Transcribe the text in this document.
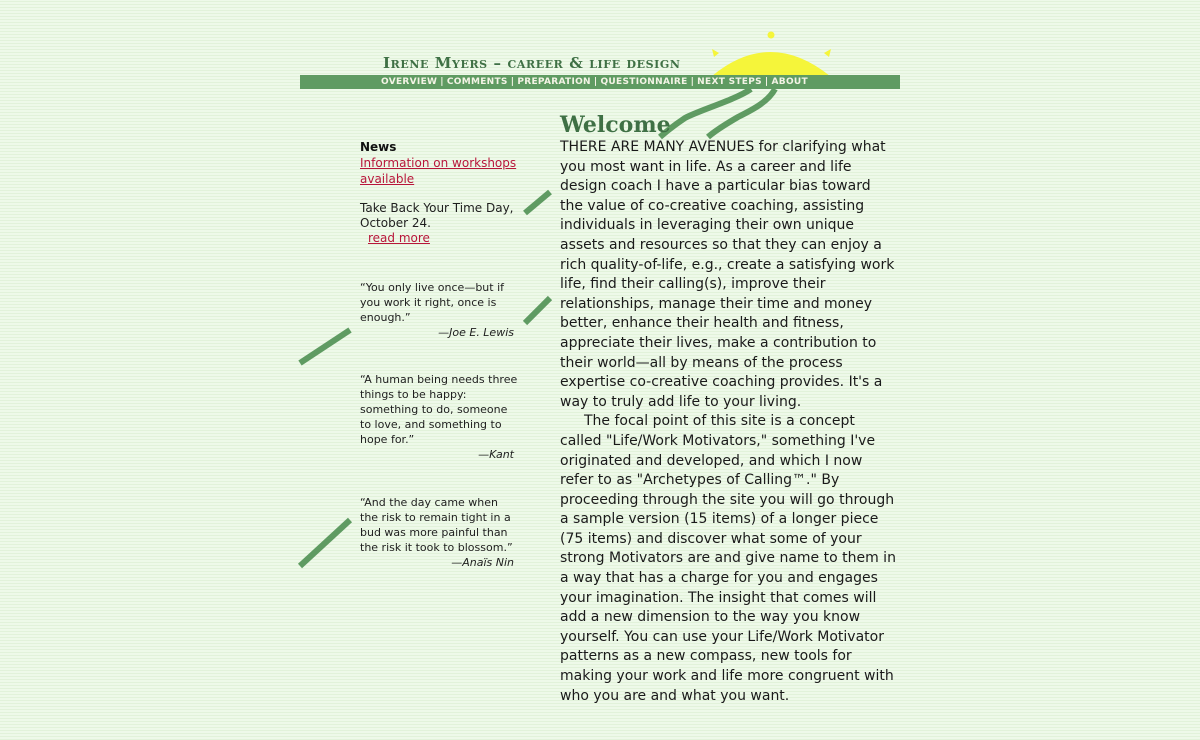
Irene Myers – career & life design
OVERVIEW | COMMENTS | PREPARATION | QUESTIONNAIRE | NEXT STEPS | ABOUT

News

Information on workshops available
Take Back Your Time Day, October 24.
read more
“You only live once—but if you work it right, once is enough.”
—Joe E. Lewis
“A human being needs three things to be happy: something to do, someone to love, and something to hope for.”
—Kant
“And the day came when the risk to remain tight in a bud was more painful than the risk it took to blossom.”
—Anaïs Nin
Welcome

THERE ARE MANY AVENUES for clarifying what you most want in life. As a career and life design coach I have a particular bias toward the value of co-creative coaching, assisting individuals in leveraging their own unique assets and resources so that they can enjoy a rich quality-of-life, e.g., create a satisfying work life, find their calling(s), improve their relationships, manage their time and money better, enhance their health and fitness, appreciate their lives, make a contribution to their world—all by means of the process expertise co-creative coaching provides. It's a way to truly add life to your living.

The focal point of this site is a concept called "Life/Work Motivators," something I've originated and developed, and which I now refer to as "Archetypes of Calling™." By proceeding through the site you will go through a sample version (15 items) of a longer piece (75 items) and discover what some of your strong Motivators are and give name to them in a way that has a charge for you and engages your imagination. The insight that comes will add a new dimension to the way you know yourself. You can use your Life/Work Motivator patterns as a new compass, new tools for making your work and life more congruent with who you are and what you want.
